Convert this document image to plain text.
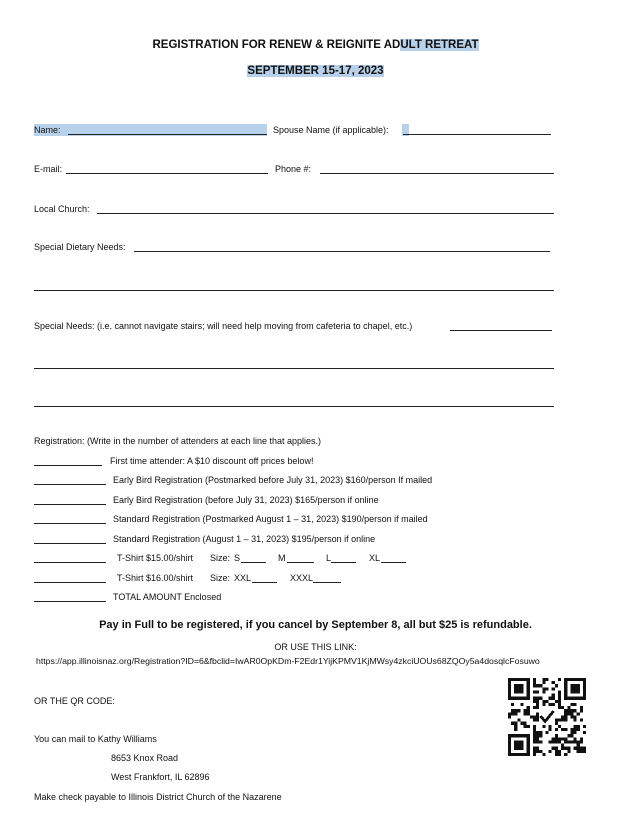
REGISTRATION FOR RENEW & REIGNITE ADULT RETREAT
SEPTEMBER 15-17, 2023
Name:	Spouse Name (if applicable):
E-mail:	Phone #:
Local Church:
Special Dietary Needs:
Special Needs: (i.e. cannot navigate stairs; will need help moving from cafeteria to chapel, etc.)
Registration: (Write in the number of attenders at each line that applies.)
First time attender: A $10 discount off prices below!
Early Bird Registration (Postmarked before July 31, 2023) $160/person If mailed
Early Bird Registration (before July 31, 2023) $165/person if online
Standard Registration (Postmarked August 1 – 31, 2023) $190/person if mailed
Standard Registration (August 1 – 31, 2023) $195/person if online
T-Shirt $15.00/shirt Size: S	M	L	XL
T-Shirt $16.00/shirt Size: XXL	XXXL
TOTAL AMOUNT Enclosed
Pay in Full to be registered, if you cancel by September 8, all but $25 is refundable.
OR USE THIS LINK:
https://app.illinoisnaz.org/Registration?ID=6&fbclid=IwAR0OpKDm-F2Edr1YijKPMV1KjMWsy4zkciUOUs68ZQOy5a4dosqlcFosuwo
OR THE QR CODE:
You can mail to Kathy Williams
8653 Knox Road
West Frankfort, IL 62896
Make check payable to Illinois District Church of the Nazarene
